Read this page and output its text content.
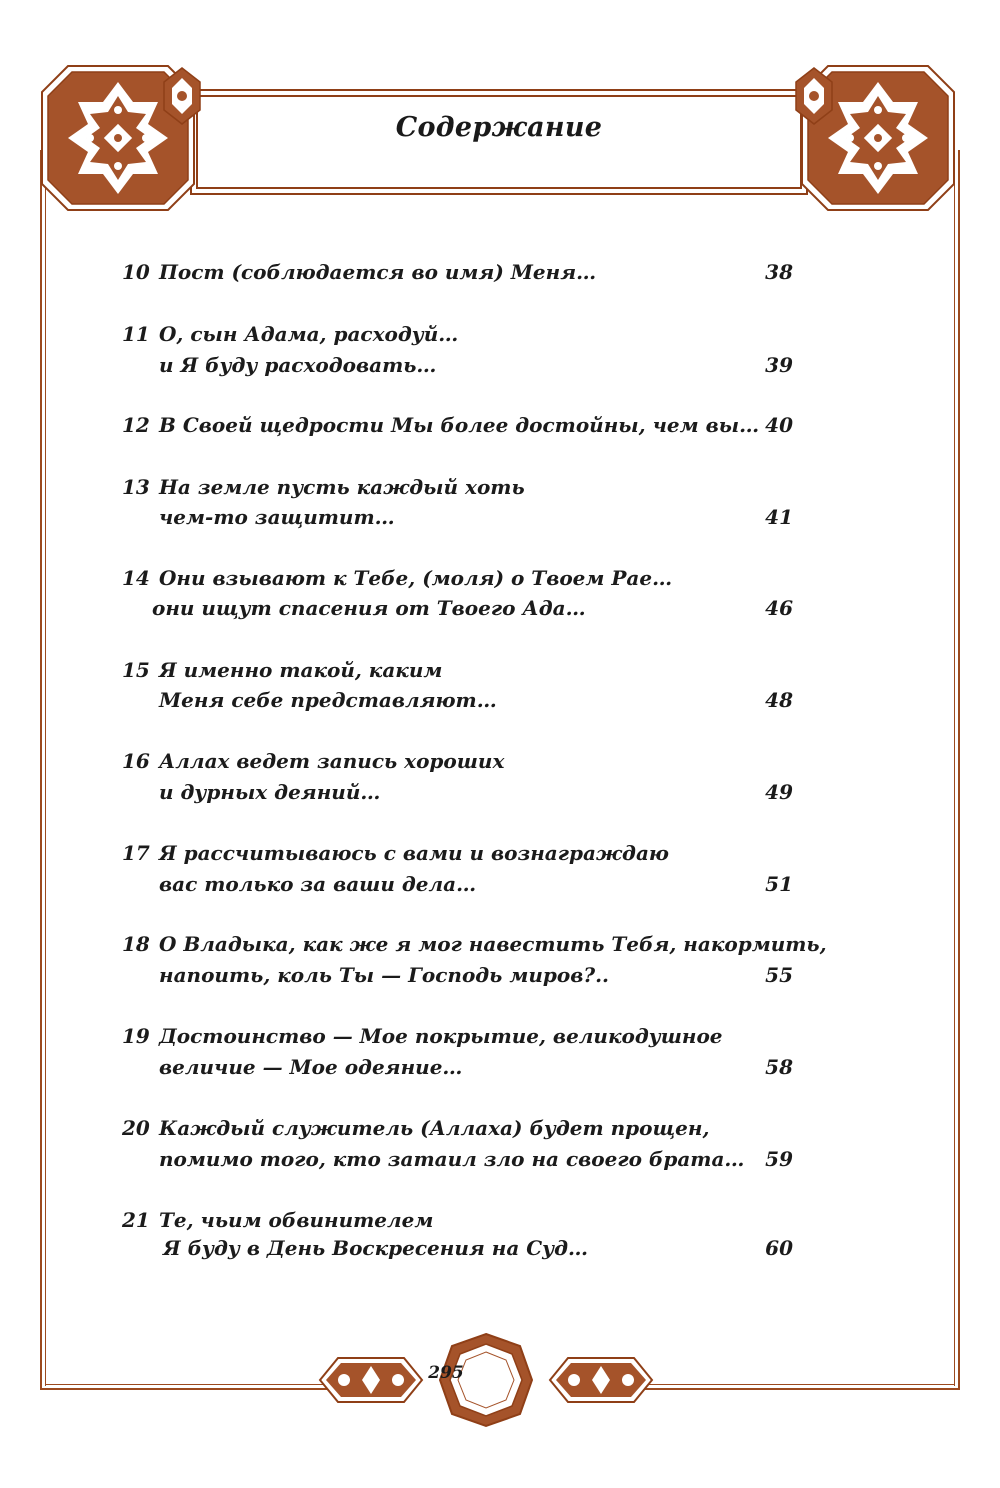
Содержание
10 Пост (соблюдается во имя) Меня…	38
11 О, сын Адама, расходуй…
и Я буду расходовать…	39
12 В Своей щедрости Мы более достойны, чем вы… 40
13 На земле пусть каждый хоть
чем-то защитит…	41
14 Они взывают к Тебе, (моля) о Твоем Рае…
они ищут спасения от Твоего Ада…	46
15 Я именно такой, каким
Меня себе представляют…	48
16 Аллах ведет запись хороших
и дурных деяний…	49
17 Я рассчитываюсь с вами и вознаграждаю
вас только за ваши дела…	51
18 О Владыка, как же я мог навестить Тебя, накормить,
напоить, коль Ты — Господь миров?..	55
19 Достоинство — Мое покрытие, великодушное
величие — Мое одеяние…	58
20 Каждый служитель (Аллаха) будет прощен,
помимо того, кто затаил зло на своего брата… 59
21 Те, чьим обвинителем
Я буду в День Воскресения на Суд…	60
295
